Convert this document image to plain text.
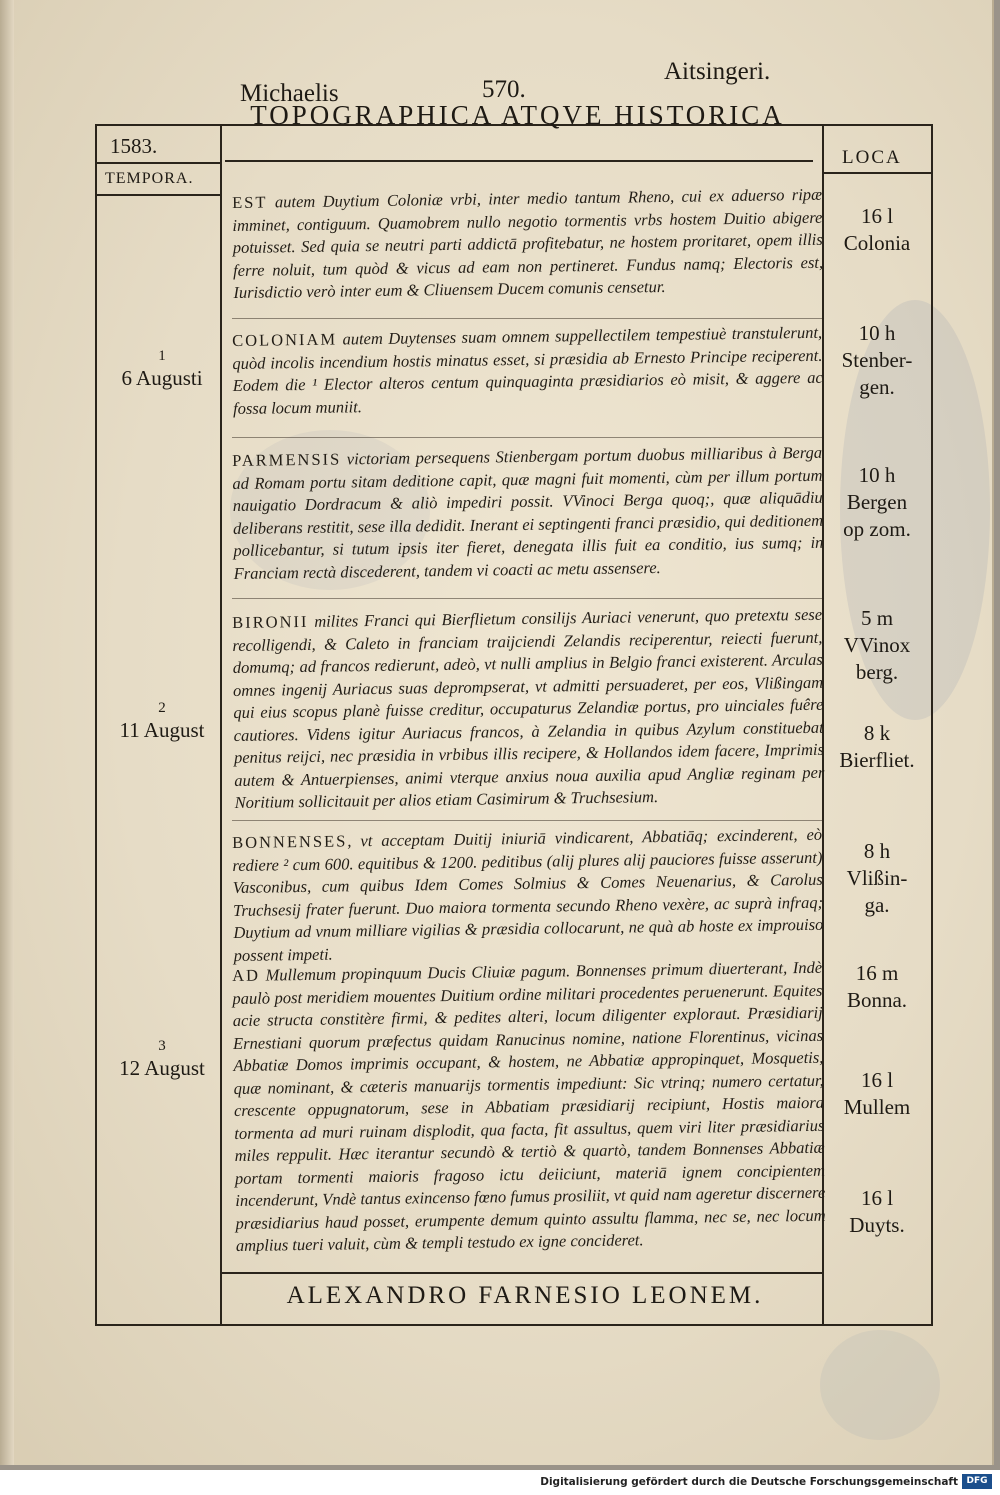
Michaelis	570.
Aitsingeri.
1583.
TEMPORA.
TOPOGRAPHICA ATQVE HISTORICA
LOCA
1
6 Augusti
2
11 August
3
12 August
16 l
Colonia
10 h
Stenber-
gen.
10 h
Bergen
op zom.
5 m
VVinox
berg.
8 k
Bierfliet.
8 h
Vlißin-
ga.
16 m
Bonna.
16 l
Mullem
16 l
Duyts.
EST autem Duytium Coloniæ vrbi, inter medio tantum Rheno, cui ex aduerso ripæ imminet, contiguum. Quamobrem nullo negotio tormentis vrbs hostem Duitio abigere potuisset. Sed quia se neutri parti addictā profitebatur, ne hostem proritaret, opem illis ferre noluit, tum quòd & vicus ad eam non pertineret. Fundus namq; Electoris est, Iurisdictio verò inter eum & Cliuensem Ducem comunis censetur.
COLONIAM autem Duytenses suam omnem suppellectilem tempestiuè transtulerunt, quòd incolis incendium hostis minatus esset, si præsidia ab Ernesto Principe reciperent. Eodem die ¹ Elector alteros centum quinquaginta præsidiarios eò misit, & aggere ac fossa locum muniit.
PARMENSIS victoriam persequens Stienbergam portum duobus milliaribus à Berga ad Romam portu sitam deditione capit, quæ magni fuit momenti, cùm per illum portum nauigatio Dordracum & aliò impediri possit. VVinoci Berga quoq;, quæ aliquādiu deliberans restitit, sese illa dedidit. Inerant ei septingenti franci præsidio, qui deditionem pollicebantur, si tutum ipsis iter fieret, denegata illis fuit ea conditio, ius sumq; in Franciam rectà discederent, tandem vi coacti ac metu assensere.
BIRONII milites Franci qui Bierflietum consilijs Auriaci venerunt, quo pretextu sese recolligendi, & Caleto in franciam traijciendi Zelandis reciperentur, reiecti fuerunt, domumq; ad francos redierunt, adeò, vt nulli amplius in Belgio franci existerent. Arculas omnes ingenij Auriacus suas deprompserat, vt admitti persuaderet, per eos, Vlißingam qui eius scopus planè fuisse creditur, occupaturus Zelandiæ portus, pro uinciales fuêre cautiores. Videns igitur Auriacus francos, à Zelandia in quibus Azylum constituebat penitus reijci, nec præsidia in vrbibus illis recipere, & Hollandos idem facere, Imprimis autem & Antuerpienses, animi vterque anxius noua auxilia apud Angliæ reginam per Noritium sollicitauit per alios etiam Casimirum & Truchsesium.
BONNENSES, vt acceptam Duitij iniuriā vindicarent, Abbatiāq; excinderent, eò rediere ² cum 600. equitibus & 1200. peditibus (alij plures alij pauciores fuisse asserunt) Vasconibus, cum quibus Idem Comes Solmius & Comes Neuenarius, & Carolus Truchsesij frater fuerunt. Duo maiora tormenta secundo Rheno vexère, ac suprà infraq; Duytium ad vnum milliare vigilias & præsidia collocarunt, ne quà ab hoste ex improuiso possent impeti.
AD Mullemum propinquum Ducis Cliuiæ pagum. Bonnenses primum diuerterant, Indè paulò post meridiem mouentes Duitium ordine militari procedentes peruenerunt. Equites acie structa constitère firmi, & pedites alteri, locum diligenter exploraut. Præsidiarij Ernestiani quorum præfectus quidam Ranucinus nomine, natione Florentinus, vicinas Abbatiæ Domos imprimis occupant, & hostem, ne Abbatiæ appropinquet, Mosquetis, quæ nominant, & cæteris manuarijs tormentis impediunt: Sic vtrinq; numero certatur, crescente oppugnatorum, sese in Abbatiam præsidiarij recipiunt, Hostis maiora tormenta ad muri ruinam displodit, qua facta, fit assultus, quem viri liter præsidiarius miles reppulit. Hæc iterantur secundò & tertiò & quartò, tandem Bonnenses Abbatiæ portam tormenti maioris fragoso ictu deiiciunt, materiā ignem concipientem incenderunt, Vndè tantus exincenso fœno fumus prosiliit, vt quid nam ageretur discernere præsidiarius haud posset, erumpente demum quinto assultu flamma, nec se, nec locum amplius tueri valuit, cùm & templi testudo ex igne concideret.
ALEXANDRO FARNESIO LEONEM.
Digitalisierung gefördert durch die Deutsche Forschungsgemeinschaft DFG
